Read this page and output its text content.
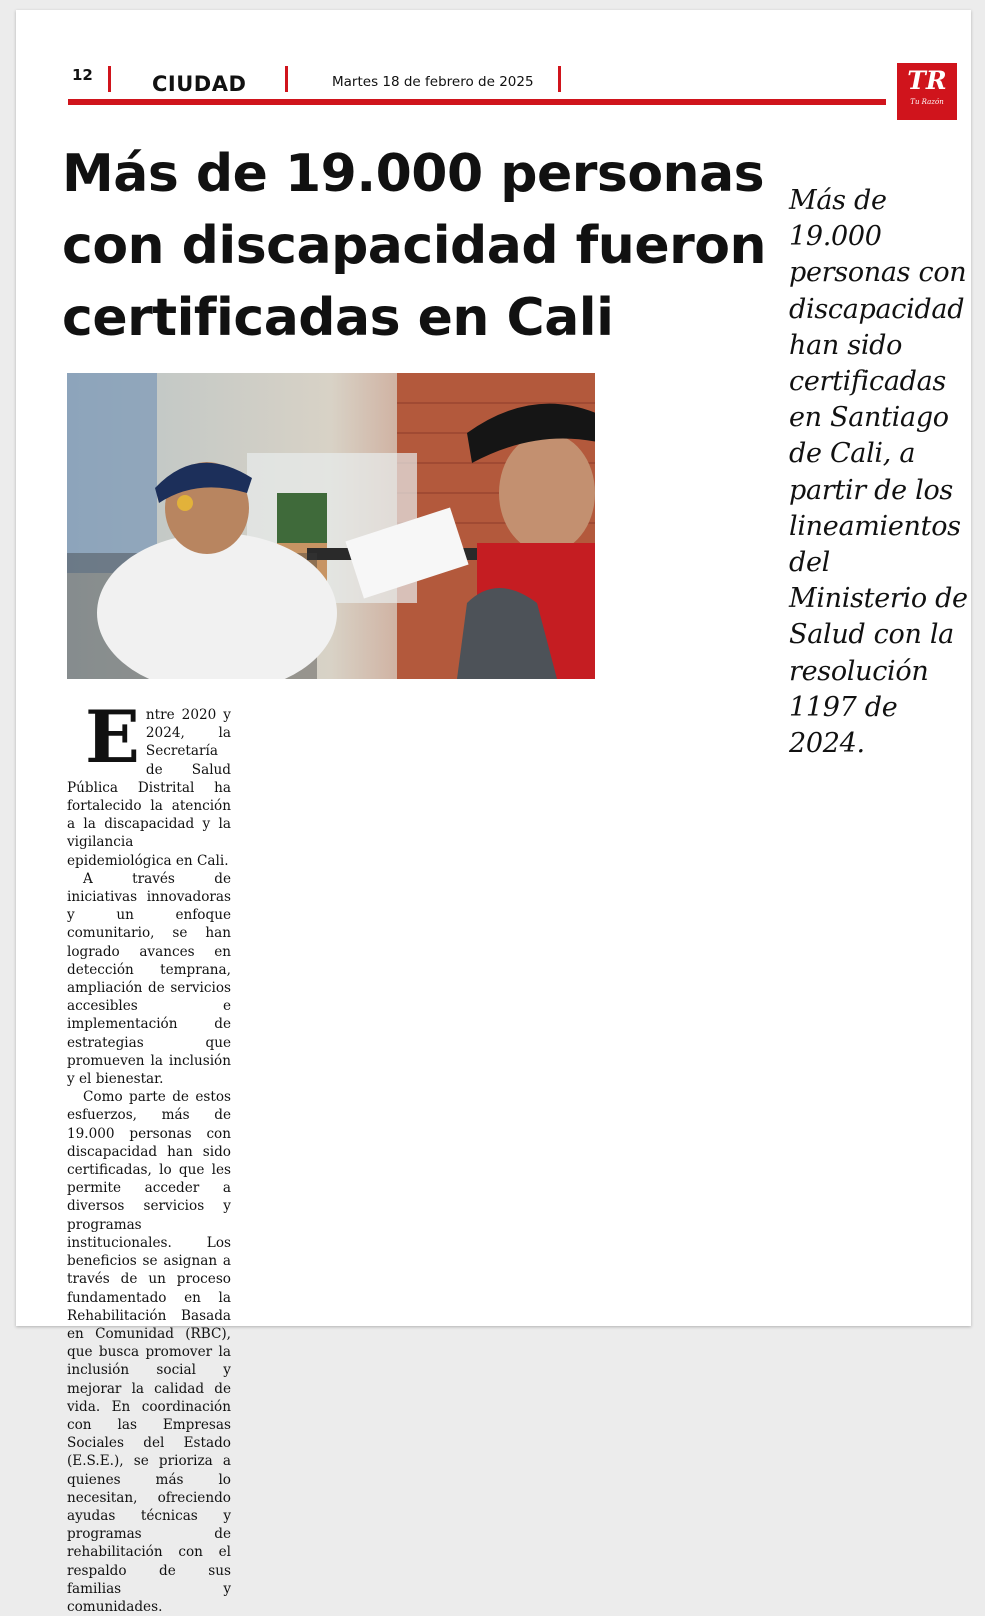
12	CIUDAD	Martes 18 de febrero de 2025	TR
Tu Razón
Más de 19.000 personas con discapacidad fueron certificadas en Cali
Más de 19.000 personas con discapacidad han sido certificadas en Santiago de Cali, a partir de los lineamientos del Ministerio de Salud con la resolución 1197 de 2024.
E ntre 2020 y 2024, la Secretaría de Salud Pública Distrital ha fortalecido la atención a la discapacidad y la vigilancia epidemiológica en Cali.

A través de iniciativas innovadoras y un enfoque comunitario, se han logrado avances en detección temprana, ampliación de servicios accesibles e implementación de estrategias que promueven la inclusión y el bienestar.

Como parte de estos esfuerzos, más de 19.000 personas con discapacidad han sido certificadas, lo que les permite acceder a diversos servicios y programas institucionales. Los beneficios se asignan a través de un proceso fundamentado en la Rehabilitación Basada en Comunidad (RBC), que busca promover la inclusión social y mejorar la calidad de vida. En coordinación con las Empresas Sociales del Estado (E.S.E.), se prioriza a quienes más lo necesitan, ofreciendo ayudas técnicas y programas de rehabilitación con el respaldo de sus familias y comunidades.
